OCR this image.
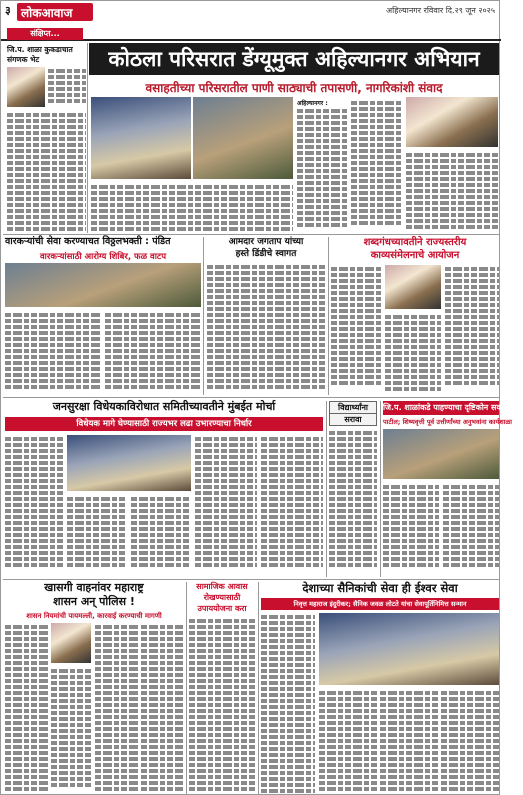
३ लोकआवाज	अहिल्यानगर रविवार दि.२९ जून २०२५
संक्षिप्त...
जि.प. शाळा कुकडाचात संगणक भेट	कोठला परिसरात डेंग्यूमुक्त अहिल्यानगर अभियान
वसाहतीच्या परिसरातील पाणी साठ्याची तपासणी, नागरिकांशी संवाद
अहिल्यानगर :
वारकऱ्यांची सेवा करण्याचत विठ्ठलभक्ती : पंडित
वारकऱ्यांसाठी आरोग्य शिबिर, फळ वाटप
आमदार जगताप यांच्या
हस्ते डिंडीचे स्वागत
शब्दगंधच्यावतीने राज्यस्तरीय
काव्यसंमेलनाचे आयोजन
जनसुरक्षा विधेयकाविरोधात समितीच्यावतीने मुंबईत मोर्चा
विधेयक मागे घेण्यासाठी राज्यभर लढा उभारण्याचा निर्धार
विद्यार्थ्यांना
सरावा
जि.प. शाळांकडे पाहण्याचा दृष्टिकोन सकारात्मक
पाटील; शिष्यवृत्ती पूर्व उत्तीर्णांच्या अनुभवांना कार्यशाळा
खासगी वाहनांवर महाराष्ट्र
शासन अन् पोलिस !
शासन नियमांची पायमल्ली, कारवाई करण्याची मागणी
सामाजिक आवास
रोखण्यासाठी
उपाययोजना करा
देशाच्या सैनिकांची सेवा ही ईश्वर सेवा
निवृत्त महाराज इंदुरीकर; सैनिक जवळ लोटते यांचा सेवापूर्तिनिमित्त सन्मान
